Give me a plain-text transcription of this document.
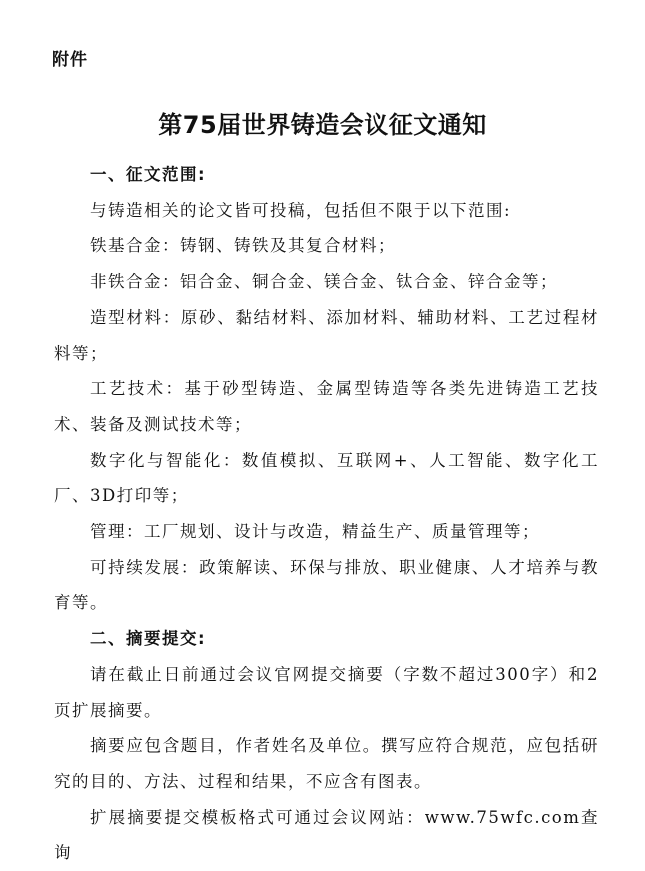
附件
第75届世界铸造会议征文通知

一、征文范围:

与铸造相关的论文皆可投稿，包括但不限于以下范围:

铁基合金：铸钢、铸铁及其复合材料；

非铁合金：铝合金、铜合金、镁合金、钛合金、锌合金等；

造型材料：原砂、黏结材料、添加材料、辅助材料、工艺过程材料等；

工艺技术：基于砂型铸造、金属型铸造等各类先进铸造工艺技术、装备及测试技术等；

数字化与智能化：数值模拟、互联网+、人工智能、数字化工厂、3D打印等；

管理：工厂规划、设计与改造，精益生产、质量管理等；

可持续发展：政策解读、环保与排放、职业健康、人才培养与教育等。

二、摘要提交:

请在截止日前通过会议官网提交摘要（字数不超过300字）和2页扩展摘要。

摘要应包含题目，作者姓名及单位。撰写应符合规范，应包括研究的目的、方法、过程和结果，不应含有图表。

扩展摘要提交模板格式可通过会议网站：www.75wfc.com查询
